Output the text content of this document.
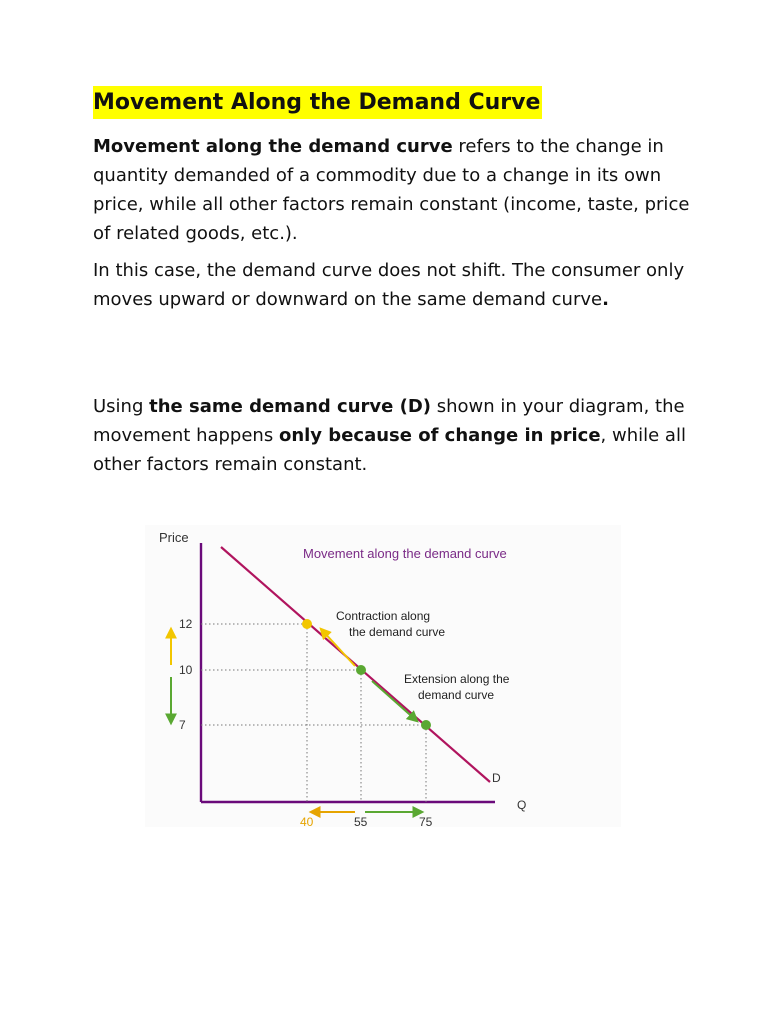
Movement Along the Demand Curve

Movement along the demand curve refers to the change in quantity demanded of a commodity due to a change in its own price, while all other factors remain constant (income, taste, price of related goods, etc.).

In this case, the demand curve does not shift. The consumer only moves upward or downward on the same demand curve.

Using the same demand curve (D) shown in your diagram, the movement happens only because of change in price, while all other factors remain constant.

Movement along the demand curve
Price
Q
D
12
40
10
55
7
75
Contraction along
the demand curve
Extension along the
demand curve
